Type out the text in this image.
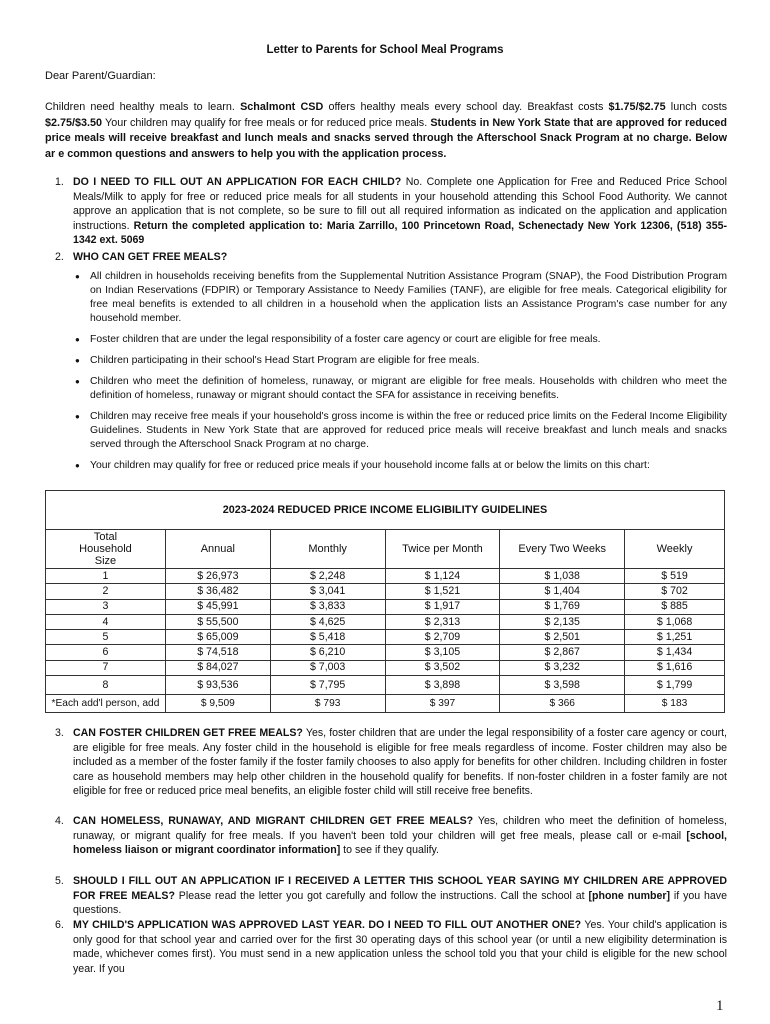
Letter to Parents for School Meal Programs
Dear Parent/Guardian:
Children need healthy meals to learn. Schalmont CSD offers healthy meals every school day. Breakfast costs $1.75/$2.75 lunch costs $2.75/$3.50 Your children may qualify for free meals or for reduced price meals. Students in New York State that are approved for reduced price meals will receive breakfast and lunch meals and snacks served through the Afterschool Snack Program at no charge. Below ar e common questions and answers to help you with the application process.
1. DO I NEED TO FILL OUT AN APPLICATION FOR EACH CHILD? No. Complete one Application for Free and Reduced Price School Meals/Milk to apply for free or reduced price meals for all students in your household attending this School Food Authority. We cannot approve an application that is not complete, so be sure to fill out all required information as indicated on the application and application instructions. Return the completed application to: Maria Zarrillo, 100 Princetown Road, Schenectady New York 12306, (518) 355-1342 ext. 5069
2. WHO CAN GET FREE MEALS?
● All children in households receiving benefits from the Supplemental Nutrition Assistance Program (SNAP), the Food Distribution Program on Indian Reservations (FDPIR) or Temporary Assistance to Needy Families (TANF), are eligible for free meals. Categorical eligibility for free meal benefits is extended to all children in a household when the application lists an Assistance Program's case number for any household member.
● Foster children that are under the legal responsibility of a foster care agency or court are eligible for free meals.
● Children participating in their school's Head Start Program are eligible for free meals.
● Children who meet the definition of homeless, runaway, or migrant are eligible for free meals. Households with children who meet the definition of homeless, runaway or migrant should contact the SFA for assistance in receiving benefits.
● Children may receive free meals if your household's gross income is within the free or reduced price limits on the Federal Income Eligibility Guidelines. Students in New York State that are approved for reduced price meals will receive breakfast and lunch meals and snacks served through the Afterschool Snack Program at no charge.
● Your children may qualify for free or reduced price meals if your household income falls at or below the limits on this chart:
2023-2024 REDUCED PRICE INCOME ELIGIBILITY GUIDELINES					
Total Household Size	Annual	Monthly	Twice per Month	Every Two Weeks	Weekly
1	$ 26,973	$ 2,248	$ 1,124	$ 1,038	$ 519
2	$ 36,482	$ 3,041	$ 1,521	$ 1,404	$ 702
3	$ 45,991	$ 3,833	$ 1,917	$ 1,769	$ 885
4	$ 55,500	$ 4,625	$ 2,313	$ 2,135	$ 1,068
5	$ 65,009	$ 5,418	$ 2,709	$ 2,501	$ 1,251
6	$ 74,518	$ 6,210	$ 3,105	$ 2,867	$ 1,434
7	$ 84,027	$ 7,003	$ 3,502	$ 3,232	$ 1,616
8	$ 93,536	$ 7,795	$ 3,898	$ 3,598	$ 1,799
*Each add'l person, add	$ 9,509	$ 793	$ 397	$ 366	$ 183
3. CAN FOSTER CHILDREN GET FREE MEALS? Yes, foster children that are under the legal responsibility of a foster care agency or court, are eligible for free meals. Any foster child in the household is eligible for free meals regardless of income. Foster children may also be included as a member of the foster family if the foster family chooses to also apply for benefits for other children. Including children in foster care as household members may help other children in the household qualify for benefits. If non-foster children in a foster family are not eligible for free or reduced price meal benefits, an eligible foster child will still receive free benefits.
4. CAN HOMELESS, RUNAWAY, AND MIGRANT CHILDREN GET FREE MEALS? Yes, children who meet the definition of homeless, runaway, or migrant qualify for free meals. If you haven't been told your children will get free meals, please call or e-mail [school, homeless liaison or migrant coordinator information] to see if they qualify.
5. SHOULD I FILL OUT AN APPLICATION IF I RECEIVED A LETTER THIS SCHOOL YEAR SAYING MY CHILDREN ARE APPROVED FOR FREE MEALS? Please read the letter you got carefully and follow the instructions. Call the school at [phone number] if you have questions.
6. MY CHILD'S APPLICATION WAS APPROVED LAST YEAR. DO I NEED TO FILL OUT ANOTHER ONE? Yes. Your child's application is only good for that school year and carried over for the first 30 operating days of this school year (or until a new eligibility determination is made, whichever comes first). You must send in a new application unless the school told you that your child is eligible for the new school year. If you
1
